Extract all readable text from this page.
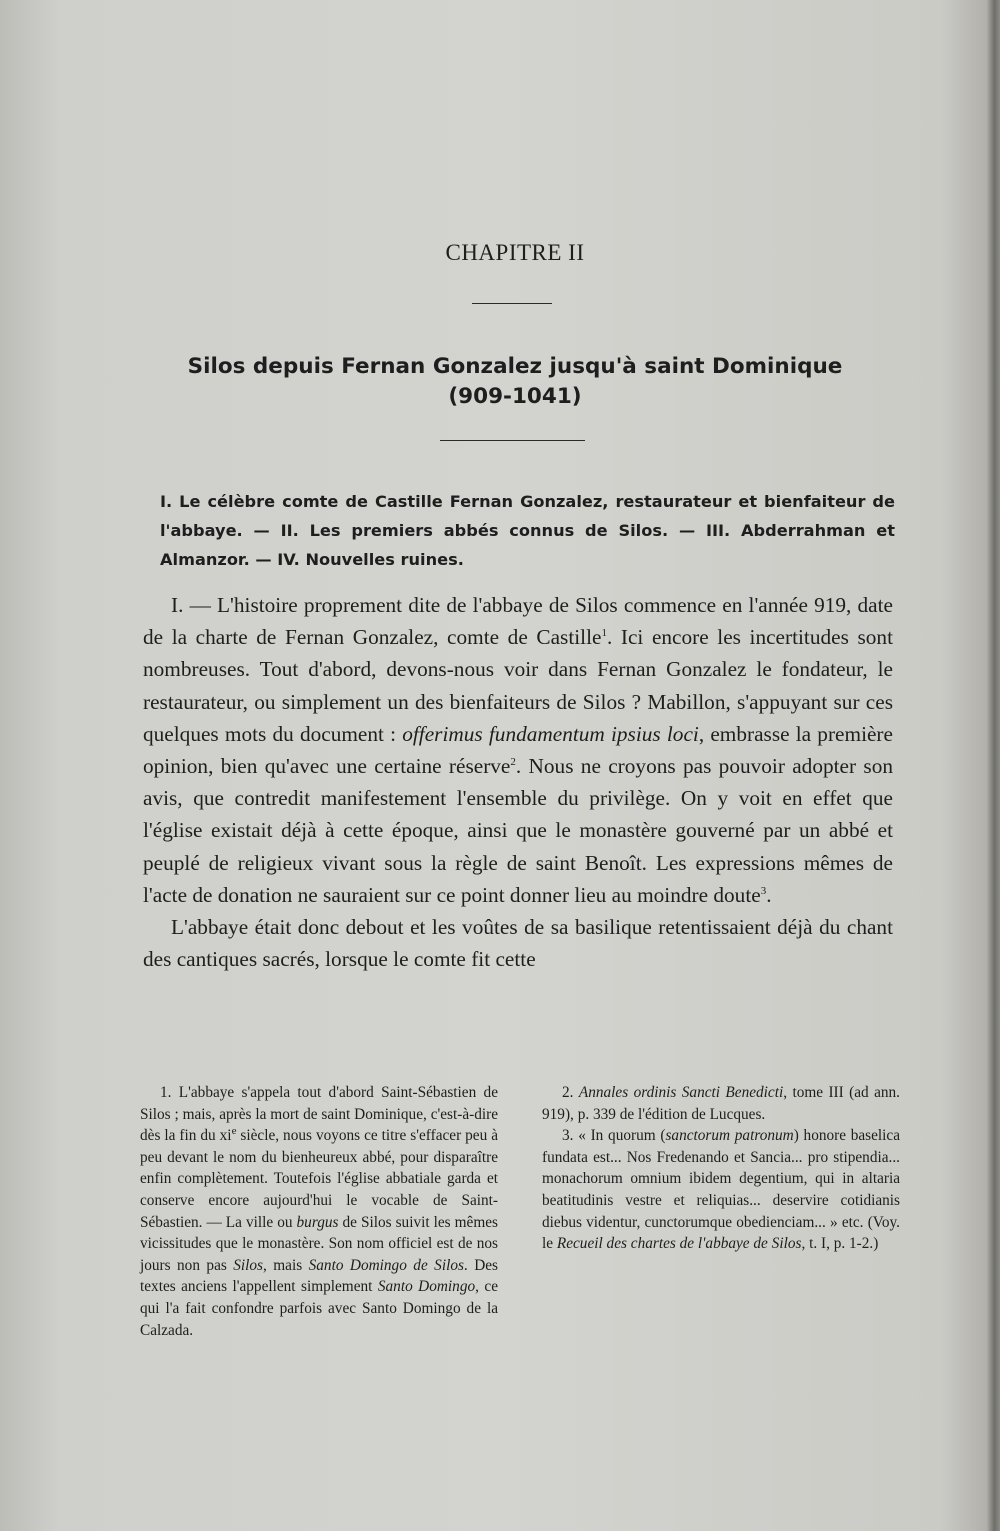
CHAPITRE II
Silos depuis Fernan Gonzalez jusqu'à saint Dominique
(909-1041)
I. Le célèbre comte de Castille Fernan Gonzalez, restaurateur et bienfaiteur de l'abbaye. — II. Les premiers abbés connus de Silos. — III. Abderrahman et Almanzor. — IV. Nouvelles ruines.

I. — L'histoire proprement dite de l'abbaye de Silos commence en l'année 919, date de la charte de Fernan Gonzalez, comte de Castille$^1$. Ici encore les incertitudes sont nombreuses. Tout d'abord, devons-nous voir dans Fernan Gonzalez le fondateur, le restaurateur, ou simplement un des bienfaiteurs de Silos ? Mabillon, s'appuyant sur ces quelques mots du document : offerimus fundamentum ipsius loci, embrasse la première opinion, bien qu'avec une certaine réserve$^2$. Nous ne croyons pas pouvoir adopter son avis, que contredit manifestement l'ensemble du privilège. On y voit en effet que l'église existait déjà à cette époque, ainsi que le monastère gouverné par un abbé et peuplé de religieux vivant sous la règle de saint Benoît. Les expressions mêmes de l'acte de donation ne sauraient sur ce point donner lieu au moindre doute$^3$.

L'abbaye était donc debout et les voûtes de sa basilique retentissaient déjà du chant des cantiques sacrés, lorsque le comte fit cette

1. L'abbaye s'appela tout d'abord Saint-Sébastien de Silos ; mais, après la mort de saint Dominique, c'est-à-dire dès la fin du $xi^e$ siècle, nous voyons ce titre s'effacer peu à peu devant le nom du bienheureux abbé, pour disparaître enfin complètement. Toutefois l'église abbatiale garda et conserve encore aujourd'hui le vocable de Saint-Sébastien. — La ville ou burgus de Silos suivit les mêmes vicissitudes que le monastère. Son nom officiel est de nos jours non pas Silos, mais Santo Domingo de Silos. Des textes anciens l'appellent simplement Santo Domingo, ce qui l'a fait confondre parfois avec Santo Domingo de la Calzada.

2. Annales ordinis Sancti Benedicti, tome III (ad ann. 919), p. 339 de l'édition de Lucques.

3. « In quorum (sanctorum patronum) honore baselica fundata est... Nos Fredenando et Sancia... pro stipendia... monachorum omnium ibidem degentium, qui in altaria beatitudinis vestre et reliquias... deservire cotidianis diebus videntur, cunctorumque obedienciam... » etc. (Voy. le Recueil des chartes de l'abbaye de Silos, t. I, p. 1-2.)
